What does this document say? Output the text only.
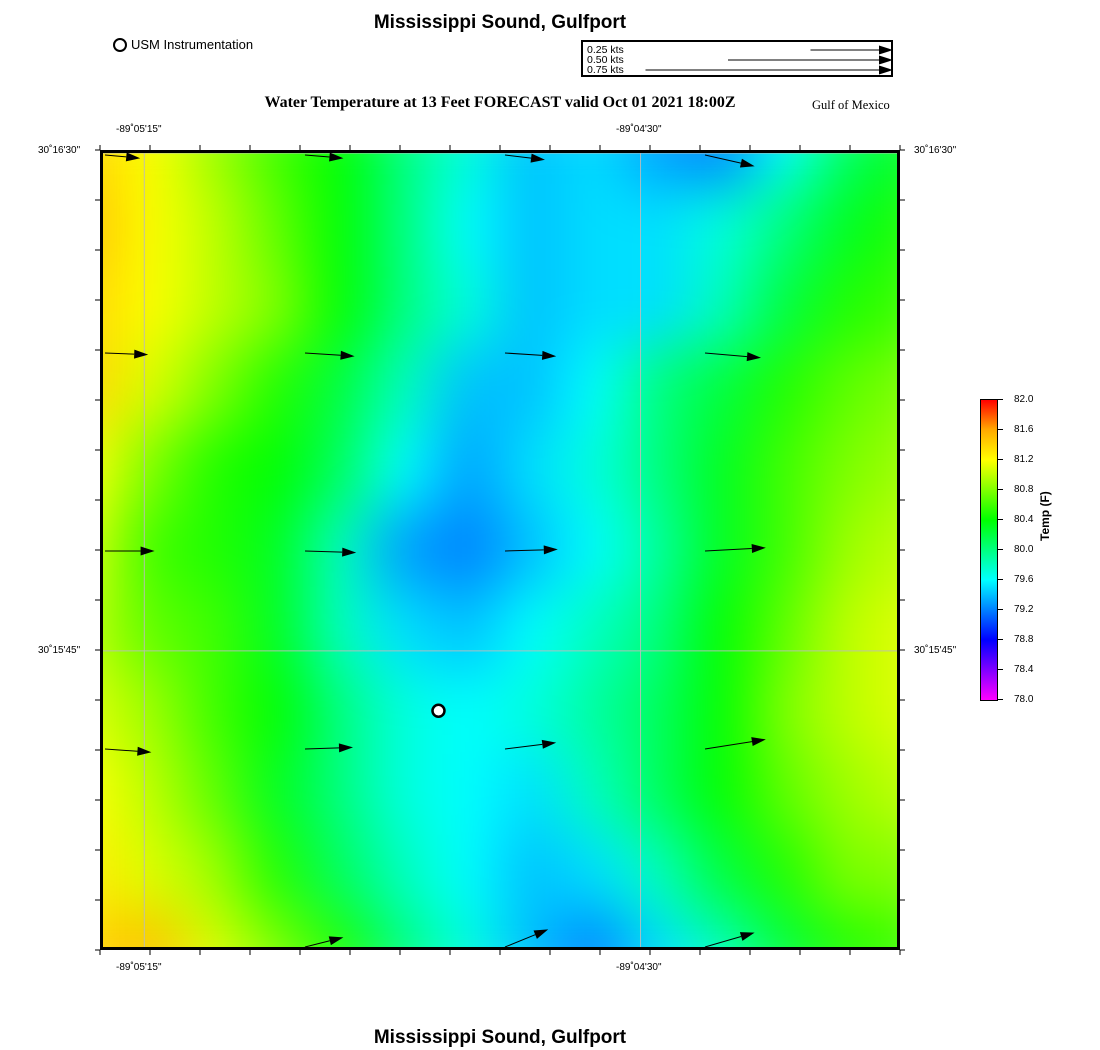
Mississippi Sound, Gulfport
USM Instrumentation	0.25 kts
0.50 kts
0.75 kts
Water Temperature at 13 Feet FORECAST valid Oct 01 2021 18:00Z	Gulf of Mexico
-89˚05'15"	-89˚04'30"
-89˚05'15"	-89˚04'30"
30˚16'30"
30˚15'45"
30˚16'30"
30˚15'45"
82.0
81.6
81.2
80.8
80.4
80.0
79.6
79.2
78.8
78.4
78.0
Temp (F)
Mississippi Sound, Gulfport
